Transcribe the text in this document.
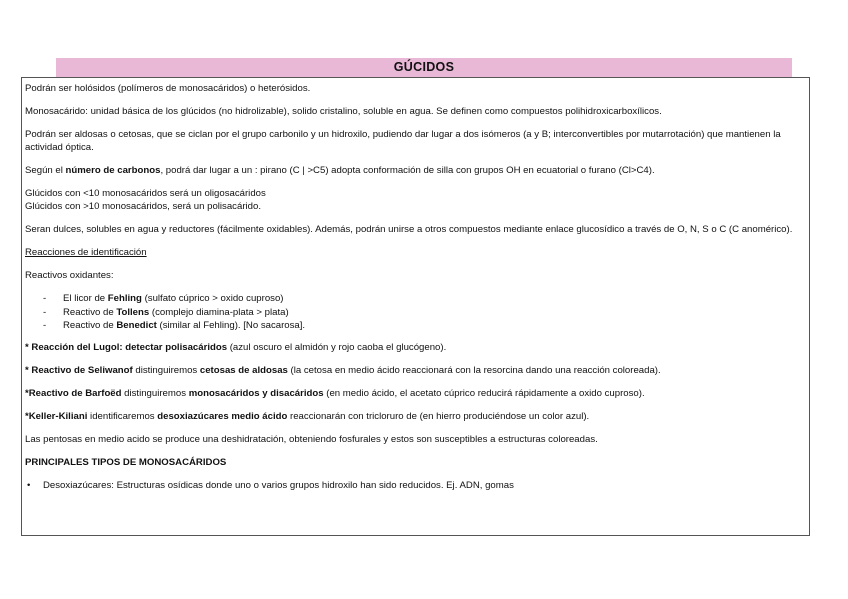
GÚCIDOS

Podrán ser holósidos (polímeros de monosacáridos) o heterósidos.

Monosacárido: unidad básica de los glúcidos (no hidrolizable), solido cristalino, soluble en agua. Se definen como compuestos polihidroxicarboxílicos.

Podrán ser aldosas o cetosas, que se ciclan por el grupo carbonilo y un hidroxilo, pudiendo dar lugar a dos isómeros (a y B; interconvertibles por mutarrotación) que mantienen la actividad óptica.

Según el número de carbonos, podrá dar lugar a un : pirano (C | >C5) adopta conformación de silla con grupos OH en ecuatorial o furano (Cl>C4).

Glúcidos con <10 monosacáridos será un oligosacáridos

Glúcidos con >10 monosacáridos, será un polisacárido.

Seran dulces, solubles en agua y reductores (fácilmente oxidables). Además, podrán unirse a otros compuestos mediante enlace glucosídico a través de O, N, S o C (C anomérico).

Reacciones de identificación

Reactivos oxidantes:

- El licor de Fehling (sulfato cúprico > oxido cuproso)
- Reactivo de Tollens (complejo diamina-plata > plata)
- Reactivo de Benedict (similar al Fehling). [No sacarosa].

* Reacción del Lugol: detectar polisacáridos (azul oscuro el almidón y rojo caoba el glucógeno).

* Reactivo de Seliwanof distinguiremos cetosas de aldosas (la cetosa en medio ácido reaccionará con la resorcina dando una reacción coloreada).

*Reactivo de Barfoëd distinguiremos monosacáridos y disacáridos (en medio ácido, el acetato cúprico reducirá rápidamente a oxido cuproso).

*Keller-Kiliani identificaremos desoxiazúcares medio ácido reaccionarán con tricloruro de (en hierro produciéndose un color azul).

Las pentosas en medio acido se produce una deshidratación, obteniendo fosfurales y estos son susceptibles a estructuras coloreadas.

PRINCIPALES TIPOS DE MONOSACÁRIDOS

• Desoxiazúcares: Estructuras osídicas donde uno o varios grupos hidroxilo han sido reducidos. Ej. ADN, gomas
